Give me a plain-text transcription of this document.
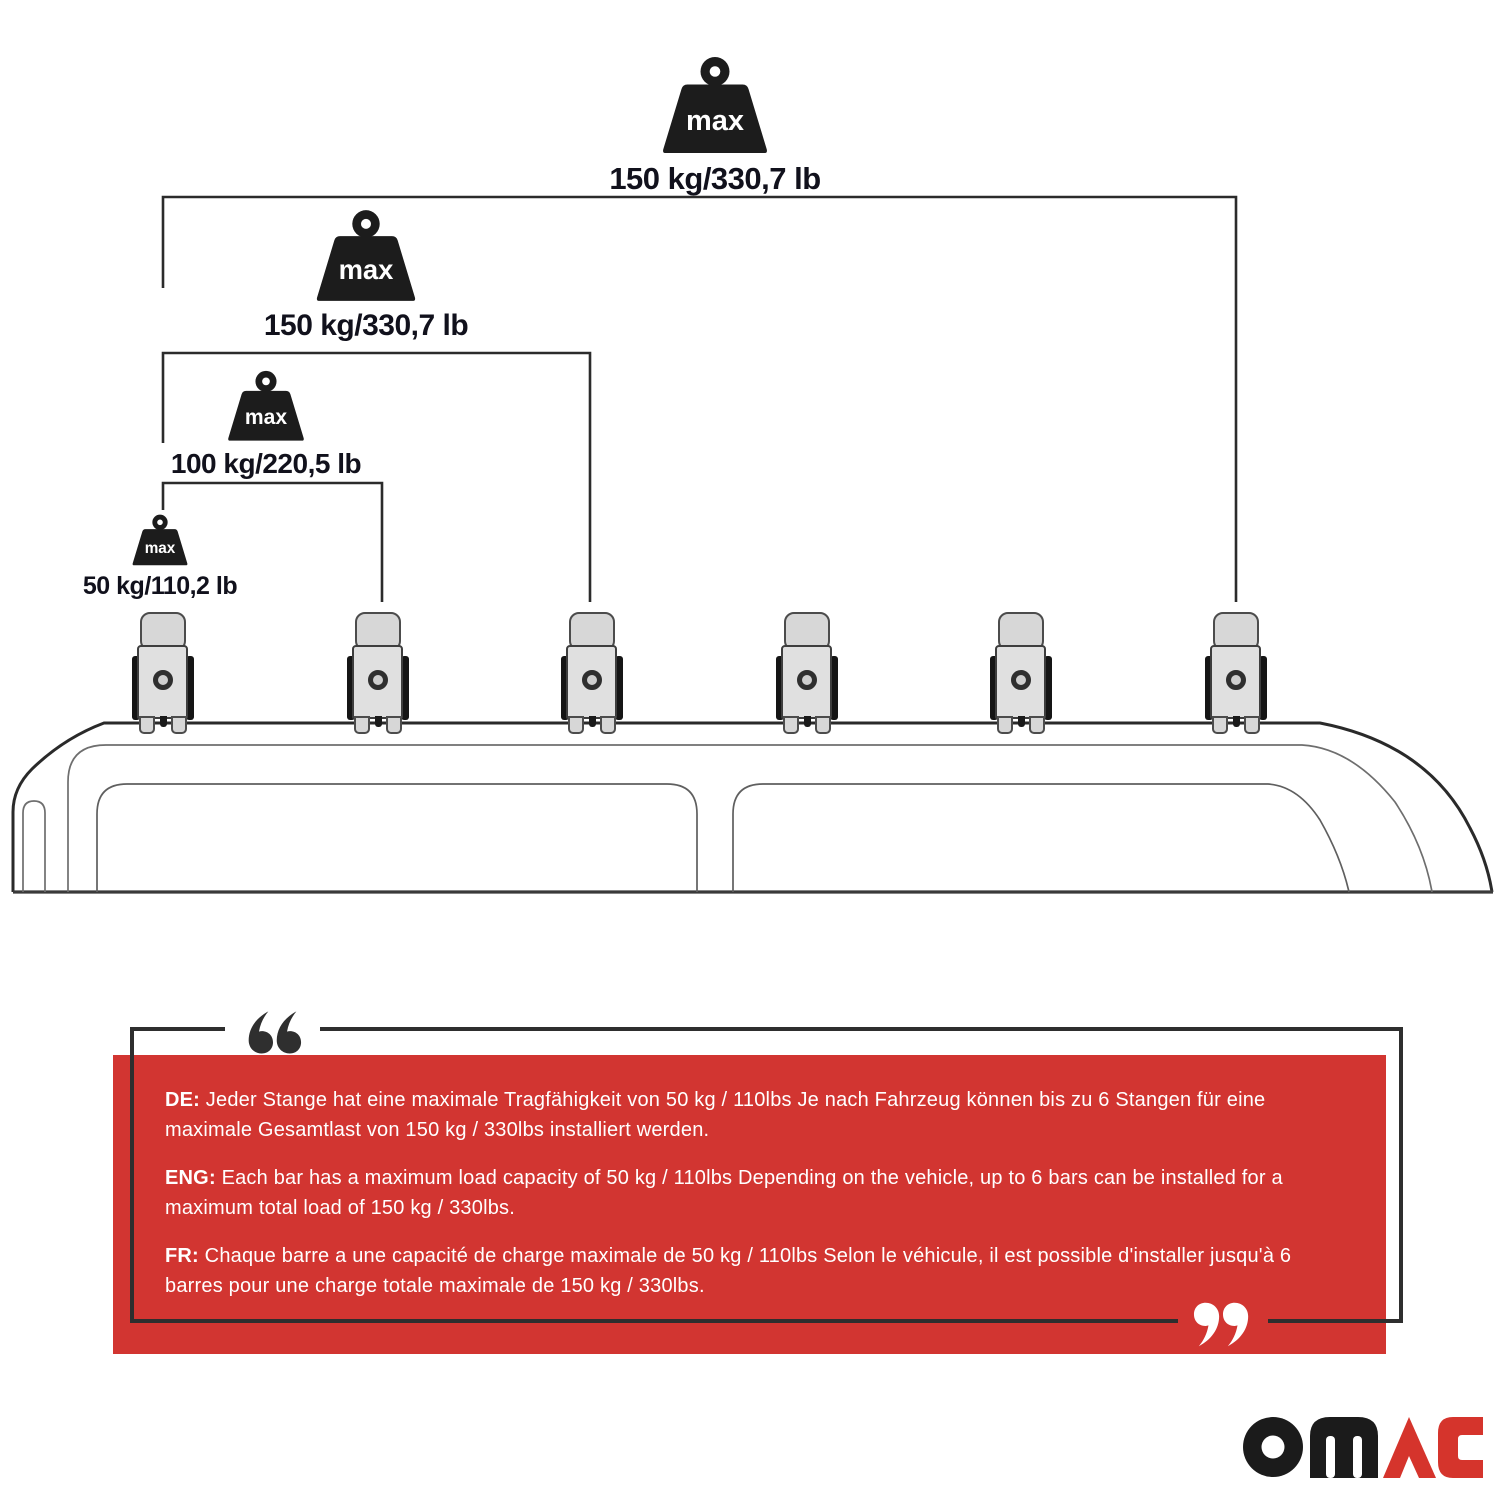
max
150 kg/330,7 lb
max
150 kg/330,7 lb
max
100 kg/220,5 lb
max
50 kg/110,2 lb

DE: Jeder Stange hat eine maximale Tragfähigkeit von 50 kg / 110lbs Je nach Fahrzeug können bis zu 6 Stangen für eine maximale Gesamtlast von 150 kg / 330lbs installiert werden.

ENG: Each bar has a maximum load capacity of 50 kg / 110lbs Depending on the vehicle, up to 6 bars can be installed for a maximum total load of 150 kg / 330lbs.

FR: Chaque barre a une capacité de charge maximale de 50 kg / 110lbs Selon le véhicule, il est possible d'installer jusqu'à 6 barres pour une charge totale maximale de 150 kg / 330lbs.
